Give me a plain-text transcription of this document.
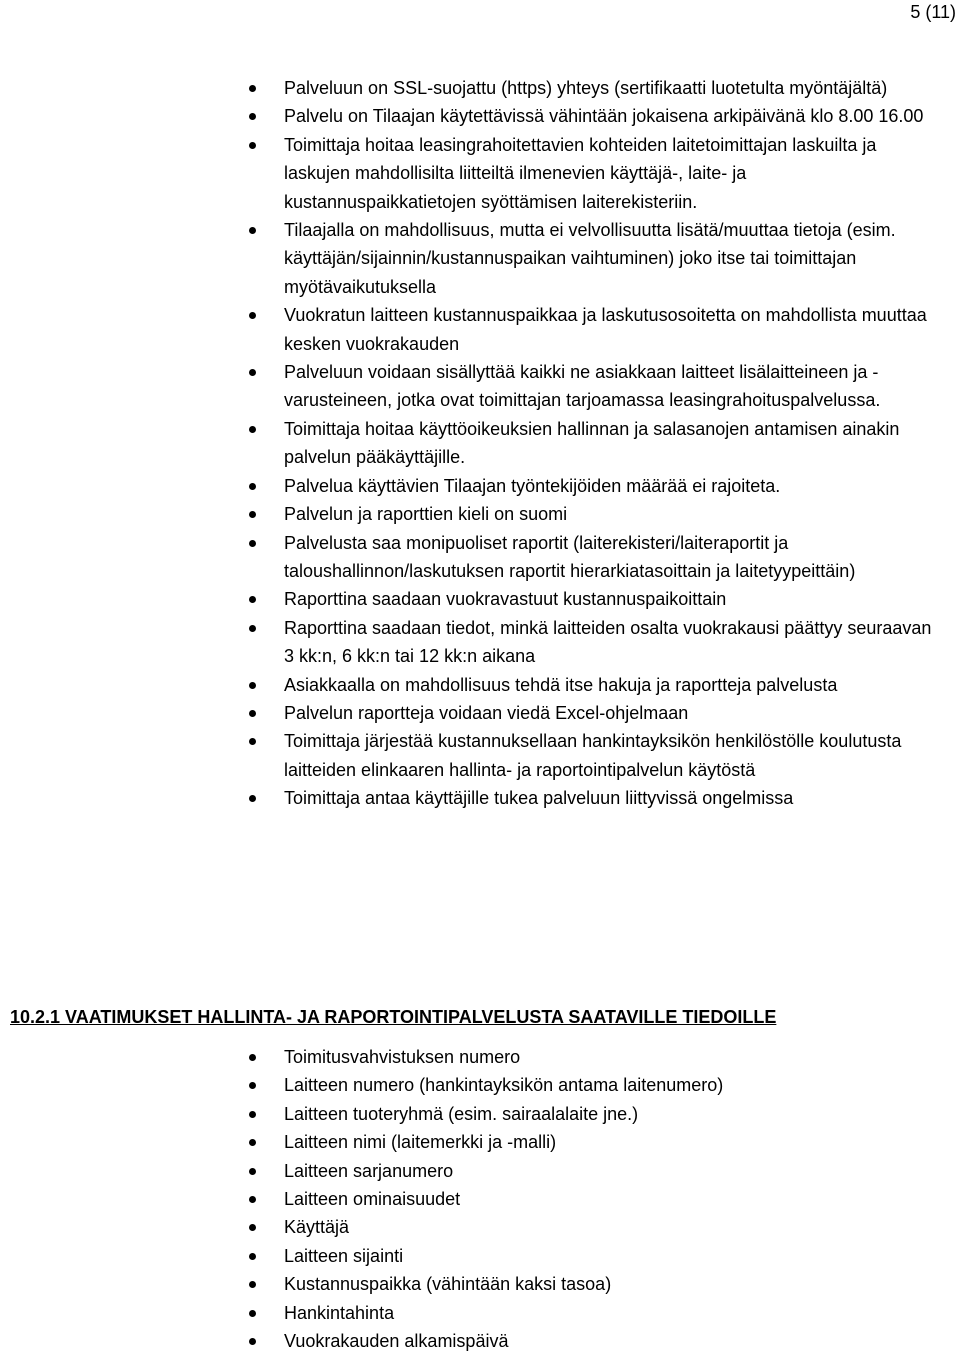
5 (11)
Palveluun on SSL-suojattu (https) yhteys (sertifikaatti luotetulta myöntäjältä)
Palvelu on Tilaajan käytettävissä vähintään jokaisena arkipäivänä klo 8.00 16.00
Toimittaja hoitaa leasingrahoitettavien kohteiden laitetoimittajan laskuilta ja laskujen mahdollisilta liitteiltä ilmenevien käyttäjä-, laite- ja kustannuspaikkatietojen syöttämisen laiterekisteriin.
Tilaajalla on mahdollisuus, mutta ei velvollisuutta lisätä/muuttaa tietoja (esim. käyttäjän/sijainnin/kustannuspaikan vaihtuminen) joko itse tai toimittajan myötävaikutuksella
Vuokratun laitteen kustannuspaikkaa ja laskutusosoitetta on mahdollista muuttaa kesken vuokrakauden
Palveluun voidaan sisällyttää kaikki ne asiakkaan laitteet lisälaitteineen ja -varusteineen, jotka ovat toimittajan tarjoamassa leasingrahoituspalvelussa.
Toimittaja hoitaa käyttöoikeuksien hallinnan ja salasanojen antamisen ainakin palvelun pääkäyttäjille.
Palvelua käyttävien Tilaajan työntekijöiden määrää ei rajoiteta.
Palvelun ja raporttien kieli on suomi
Palvelusta saa monipuoliset raportit (laiterekisteri/laiteraportit ja taloushallinnon/laskutuksen raportit hierarkiatasoittain ja laitetyypeittäin)
Raporttina saadaan vuokravastuut kustannuspaikoittain
Raporttina saadaan tiedot, minkä laitteiden osalta vuokrakausi päättyy seuraavan 3 kk:n, 6 kk:n tai 12 kk:n aikana
Asiakkaalla on mahdollisuus tehdä itse hakuja ja raportteja palvelusta
Palvelun raportteja voidaan viedä Excel-ohjelmaan
Toimittaja järjestää kustannuksellaan hankintayksikön henkilöstölle koulutusta laitteiden elinkaaren hallinta- ja raportointipalvelun käytöstä
Toimittaja antaa käyttäjille tukea palveluun liittyvissä ongelmissa
10.2.1 VAATIMUKSET HALLINTA- JA RAPORTOINTIPALVELUSTA SAATAVILLE TIEDOILLE
Toimitusvahvistuksen numero
Laitteen numero (hankintayksikön antama laitenumero)
Laitteen tuoteryhmä (esim. sairaalalaite jne.)
Laitteen nimi (laitemerkki ja -malli)
Laitteen sarjanumero
Laitteen ominaisuudet
Käyttäjä
Laitteen sijainti
Kustannuspaikka (vähintään kaksi tasoa)
Hankintahinta
Vuokrakauden alkamispäivä
